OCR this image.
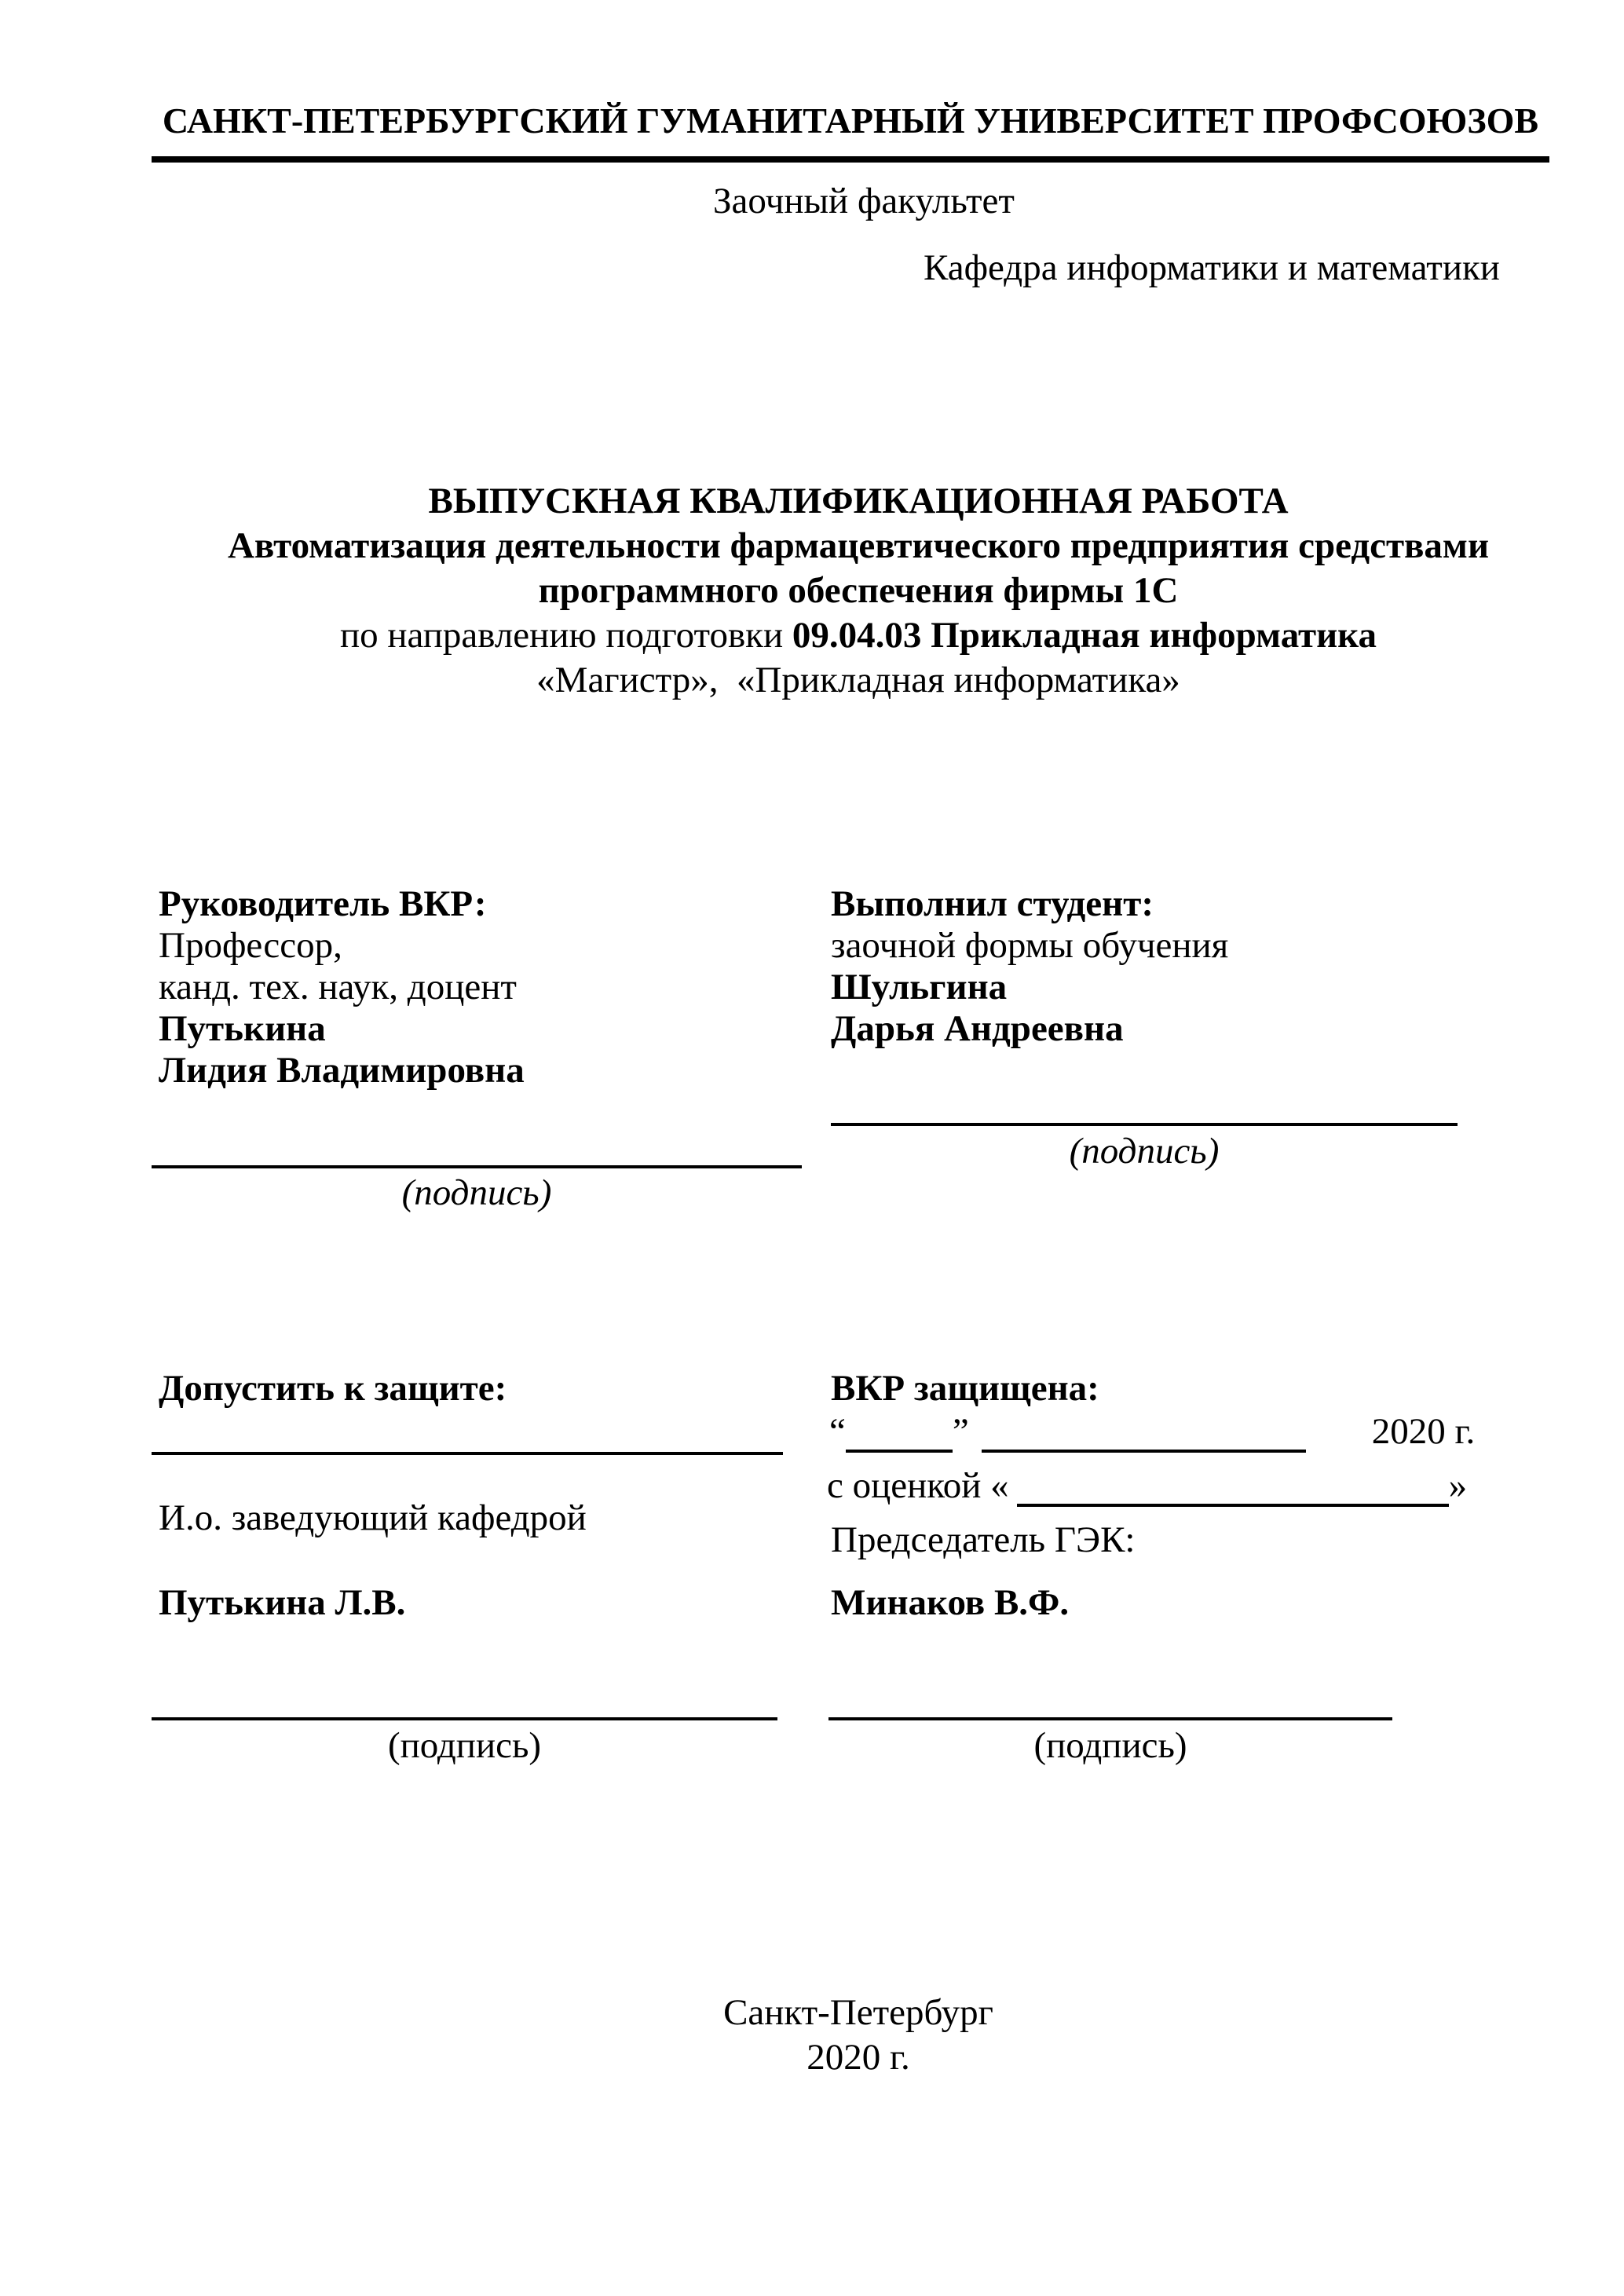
САНКТ-ПЕТЕРБУРГСКИЙ ГУМАНИТАРНЫЙ УНИВЕРСИТЕТ ПРОФСОЮЗОВ
Заочный факультет
Кафедра информатики и математики
ВЫПУСКНАЯ КВАЛИФИКАЦИОННАЯ РАБОТА
Автоматизация деятельности фармацевтического предприятия средствами
программного обеспечения фирмы 1С
по направлению подготовки 09.04.03 Прикладная информатика
«Магистр»,  «Прикладная информатика»
Руководитель ВКР:
Профессор,
канд. тех. наук, доцент
Путькина
Лидия Владимировна
(подпись)
Выполнил студент:
заочной формы обучения
Шульгина
Дарья Андреевна
(подпись)
Допустить к защите:
И.о. заведующий кафедрой
Путькина Л.В.
(подпись)
ВКР защищена:
“	”	2020 г.
с оценкой «	»
Председатель ГЭК:
Минаков В.Ф.
(подпись)
Санкт-Петербург
2020 г.
